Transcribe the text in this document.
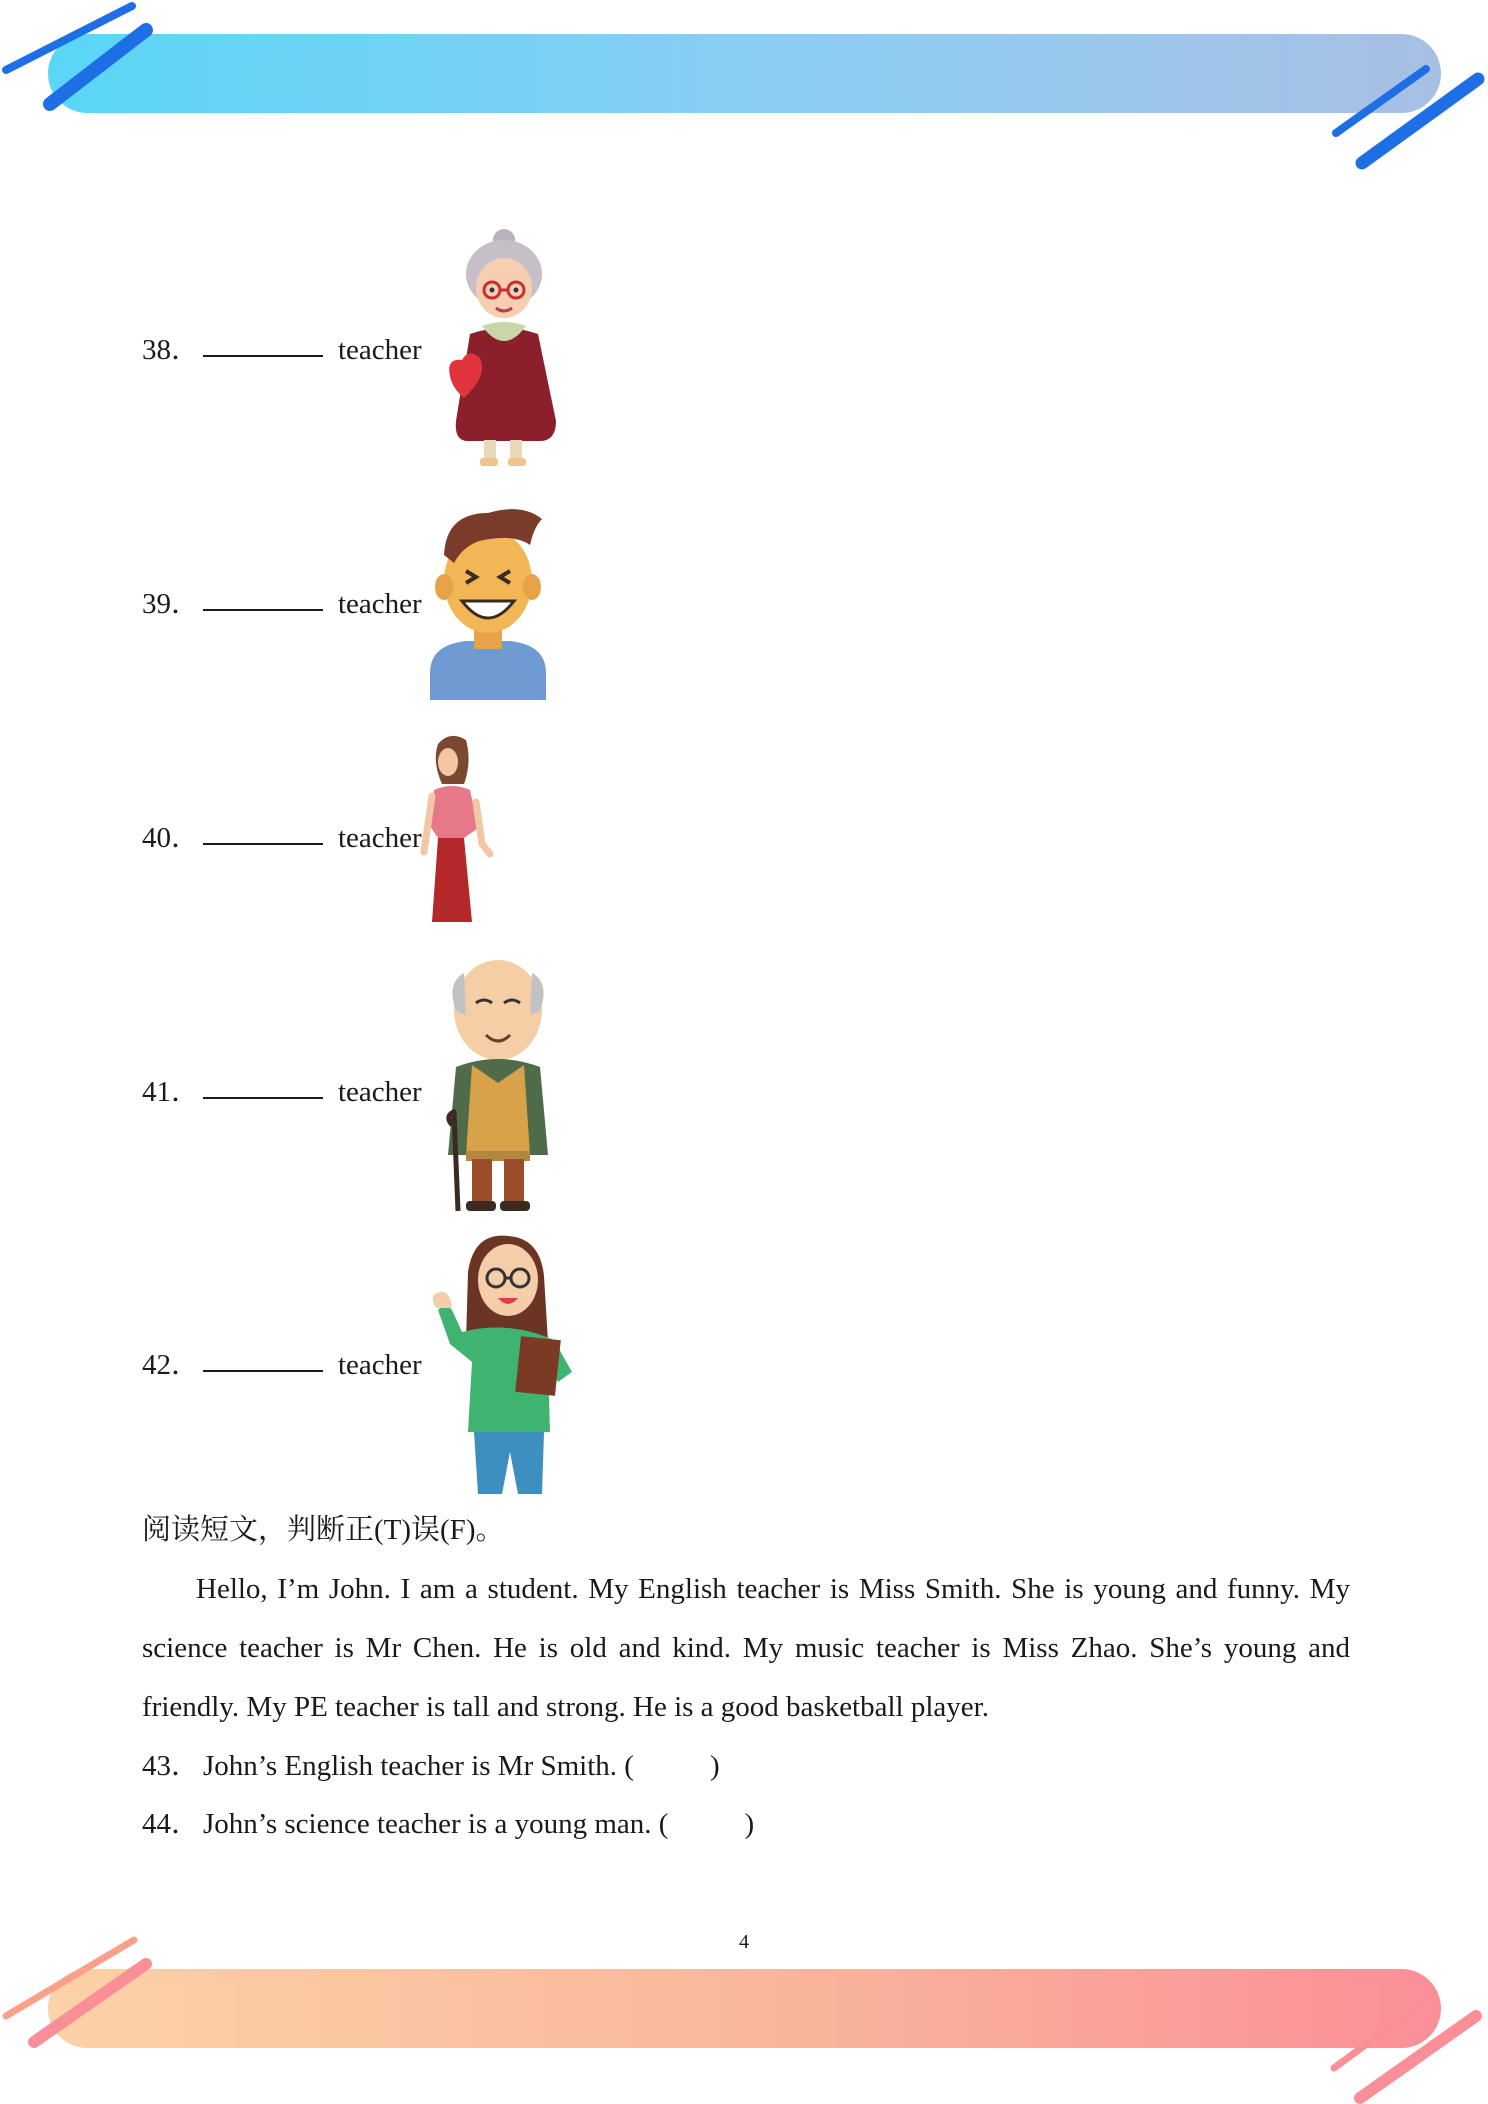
38．	teacher
39．	teacher
40．	teacher
41．	teacher
42．	teacher
阅读短文，判断正(T)误(F)。

Hello, I’m John. I am a student. My English teacher is Miss Smith. She is young and funny. My science teacher is Mr Chen. He is old and kind. My music teacher is Miss Zhao. She’s young and friendly. My PE teacher is tall and strong. He is a good basketball player.

43． John’s English teacher is Mr Smith. (	)
44． John’s science teacher is a young man. (	)
4
